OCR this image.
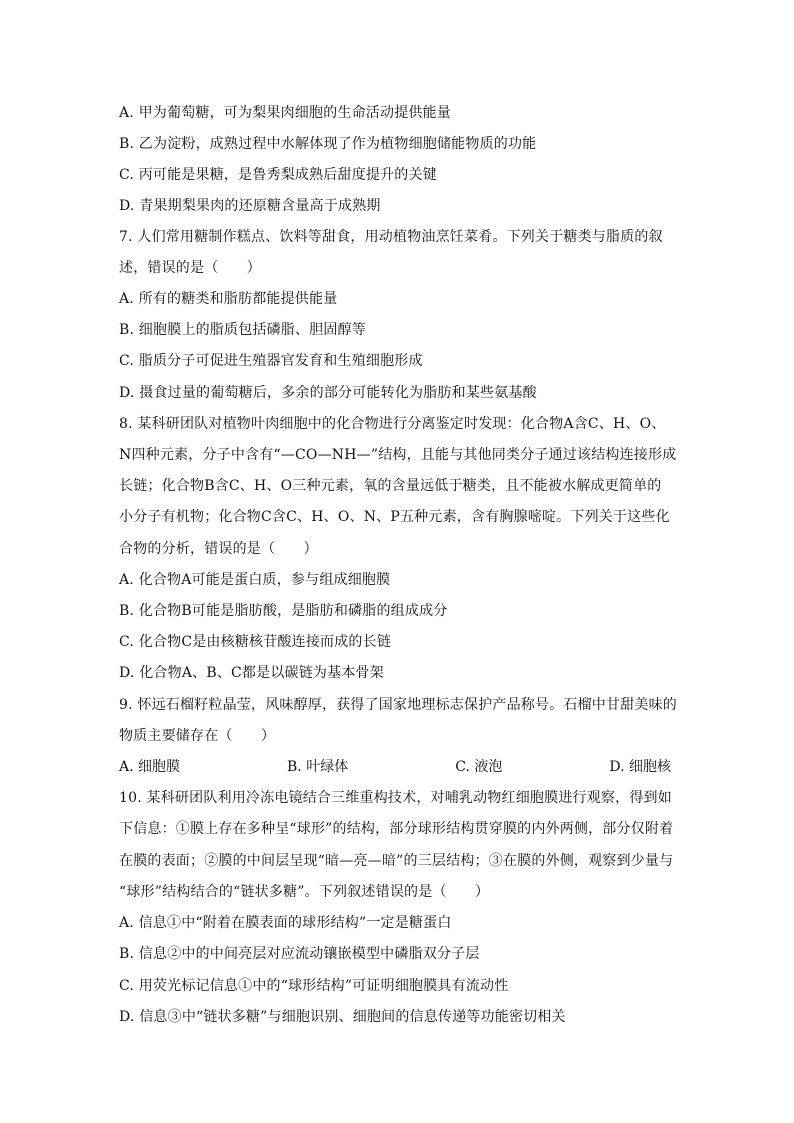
A. 甲为葡萄糖，可为梨果肉细胞的生命活动提供能量
B. 乙为淀粉，成熟过程中水解体现了作为植物细胞储能物质的功能
C. 丙可能是果糖，是鲁秀梨成熟后甜度提升的关键
D. 青果期梨果肉的还原糖含量高于成熟期
7. 人们常用糖制作糕点、饮料等甜食，用动植物油烹饪菜肴。下列关于糖类与脂质的叙
述，错误的是（　　）
A. 所有的糖类和脂肪都能提供能量
B. 细胞膜上的脂质包括磷脂、胆固醇等
C. 脂质分子可促进生殖器官发育和生殖细胞形成
D. 摄食过量的葡萄糖后，多余的部分可能转化为脂肪和某些氨基酸
8. 某科研团队对植物叶肉细胞中的化合物进行分离鉴定时发现：化合物A含C、H、O、
N四种元素，分子中含有“—CO—NH—”结构，且能与其他同类分子通过该结构连接形成
长链；化合物B含C、H、O三种元素，氧的含量远低于糖类，且不能被水解成更简单的
小分子有机物；化合物C含C、H、O、N、P五种元素，含有胸腺嘧啶。下列关于这些化
合物的分析，错误的是（　　）
A. 化合物A可能是蛋白质，参与组成细胞膜
B. 化合物B可能是脂肪酸，是脂肪和磷脂的组成成分
C. 化合物C是由核糖核苷酸连接而成的长链
D. 化合物A、B、C都是以碳链为基本骨架
9. 怀远石榴籽粒晶莹，风味醇厚，获得了国家地理标志保护产品称号。石榴中甘甜美味的
物质主要储存在（　　）
A. 细胞膜	B. 叶绿体	C. 液泡	D. 细胞核
10. 某科研团队利用冷冻电镜结合三维重构技术，对哺乳动物红细胞膜进行观察，得到如
下信息：①膜上存在多种呈“球形”的结构，部分球形结构贯穿膜的内外两侧，部分仅附着
在膜的表面；②膜的中间层呈现“暗—亮—暗”的三层结构；③在膜的外侧，观察到少量与
“球形”结构结合的“链状多糖”。下列叙述错误的是（　　）
A. 信息①中“附着在膜表面的球形结构”一定是糖蛋白
B. 信息②中的中间亮层对应流动镶嵌模型中磷脂双分子层
C. 用荧光标记信息①中的“球形结构”可证明细胞膜具有流动性
D. 信息③中“链状多糖”与细胞识别、细胞间的信息传递等功能密切相关
